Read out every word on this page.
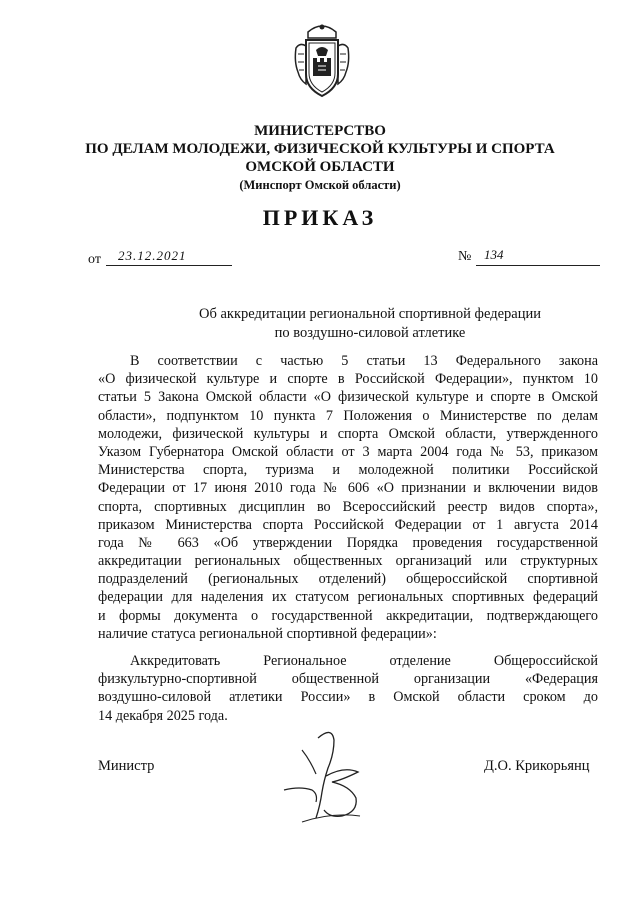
МИНИСТЕРСТВО
ПО ДЕЛАМ МОЛОДЕЖИ, ФИЗИЧЕСКОЙ КУЛЬТУРЫ И СПОРТА
ОМСКОЙ ОБЛАСТИ
(Минспорт Омской области)
ПРИКАЗ
от 23.12.2021	№ 134
Об аккредитации региональной спортивной федерации
по воздушно-силовой атлетике
В соответствии с частью 5 статьи 13 Федерального закона
«О физической культуре и спорте в Российской Федерации», пунктом 10
статьи 5 Закона Омской области «О физической культуре и спорте в Омской
области», подпунктом 10 пункта 7 Положения о Министерстве по делам
молодежи, физической культуры и спорта Омской области, утвержденного
Указом Губернатора Омской области от 3 марта 2004 года № 53, приказом
Министерства спорта, туризма и молодежной политики Российской
Федерации от 17 июня 2010 года № 606 «О признании и включении видов
спорта, спортивных дисциплин во Всероссийский реестр видов спорта»,
приказом Министерства спорта Российской Федерации от 1 августа 2014
года № 663 «Об утверждении Порядка проведения государственной
аккредитации региональных общественных организаций или структурных
подразделений (региональных отделений) общероссийской спортивной
федерации для наделения их статусом региональных спортивных федераций
и формы документа о государственной аккредитации, подтверждающего
наличие статуса региональной спортивной федерации»:
Аккредитовать Региональное отделение Общероссийской
физкультурно-спортивной общественной организации «Федерация
воздушно-силовой атлетики России» в Омской области сроком до
14 декабря 2025 года.
Министр	Д.О. Крикорьянц
